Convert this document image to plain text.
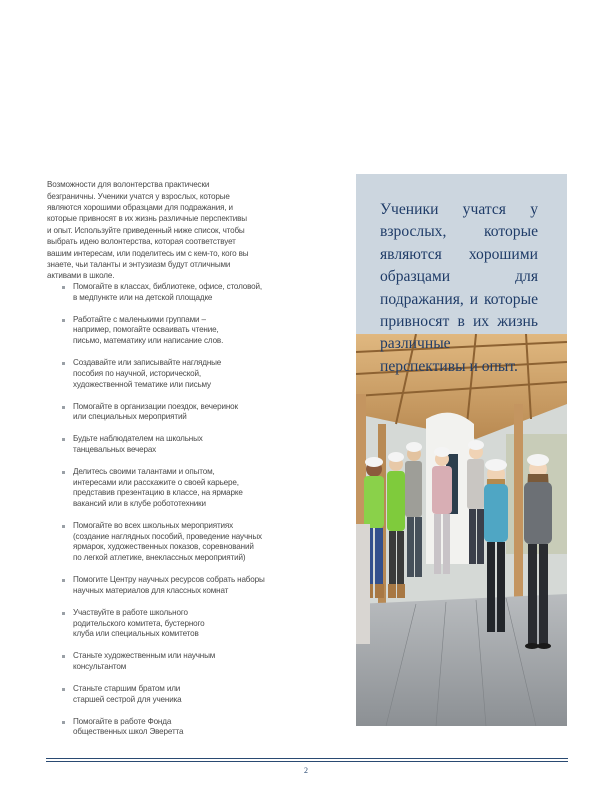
Возможности для волонтерства практически безграничны. Ученики учатся у взрослых, которые являются хорошими образцами для подражания, и которые привносят в их жизнь различные перспективы и опыт. Используйте приведенный ниже список, чтобы выбрать идею волонтерства, которая соответствует вашим интересам, или поделитесь им с кем-то, кого вы знаете, чьи таланты и энтузиазм будут отличными активами в школе.

Помогайте в классах, библиотеке, офисе, столовой,
в медпункте или на детской площадке
Работайте с маленькими группами –
например, помогайте осваивать чтение,
письмо, математику или написание слов.
Создавайте или записывайте наглядные
пособия по научной, исторической,
художественной тематике или письму
Помогайте в организации поездок, вечеринок
или специальных мероприятий
Будьте наблюдателем на школьных
танцевальных вечерах
Делитесь своими талантами и опытом,
интересами или расскажите о своей карьере,
представив презентацию в классе, на ярмарке
вакансий или в клубе робототехники
Помогайте во всех школьных мероприятиях
(создание наглядных пособий, проведение научных
ярмарок, художественных показов, соревнований
по легкой атлетике, внеклассных мероприятий)
Помогите Центру научных ресурсов собрать наборы
научных материалов для классных комнат
Участвуйте в работе школьного
родительского комитета, бустерного
клуба или специальных комитетов
Станьте художественным или научным консультантом
Станьте старшим братом или
старшей сестрой для ученика
Помогайте в работе Фонда
общественных школ Эверетта
Ученики учатся у взрослых, которые являются хорошими образцами для подражания, и которые привносят в их жизнь различные перспективы и опыт.
2
